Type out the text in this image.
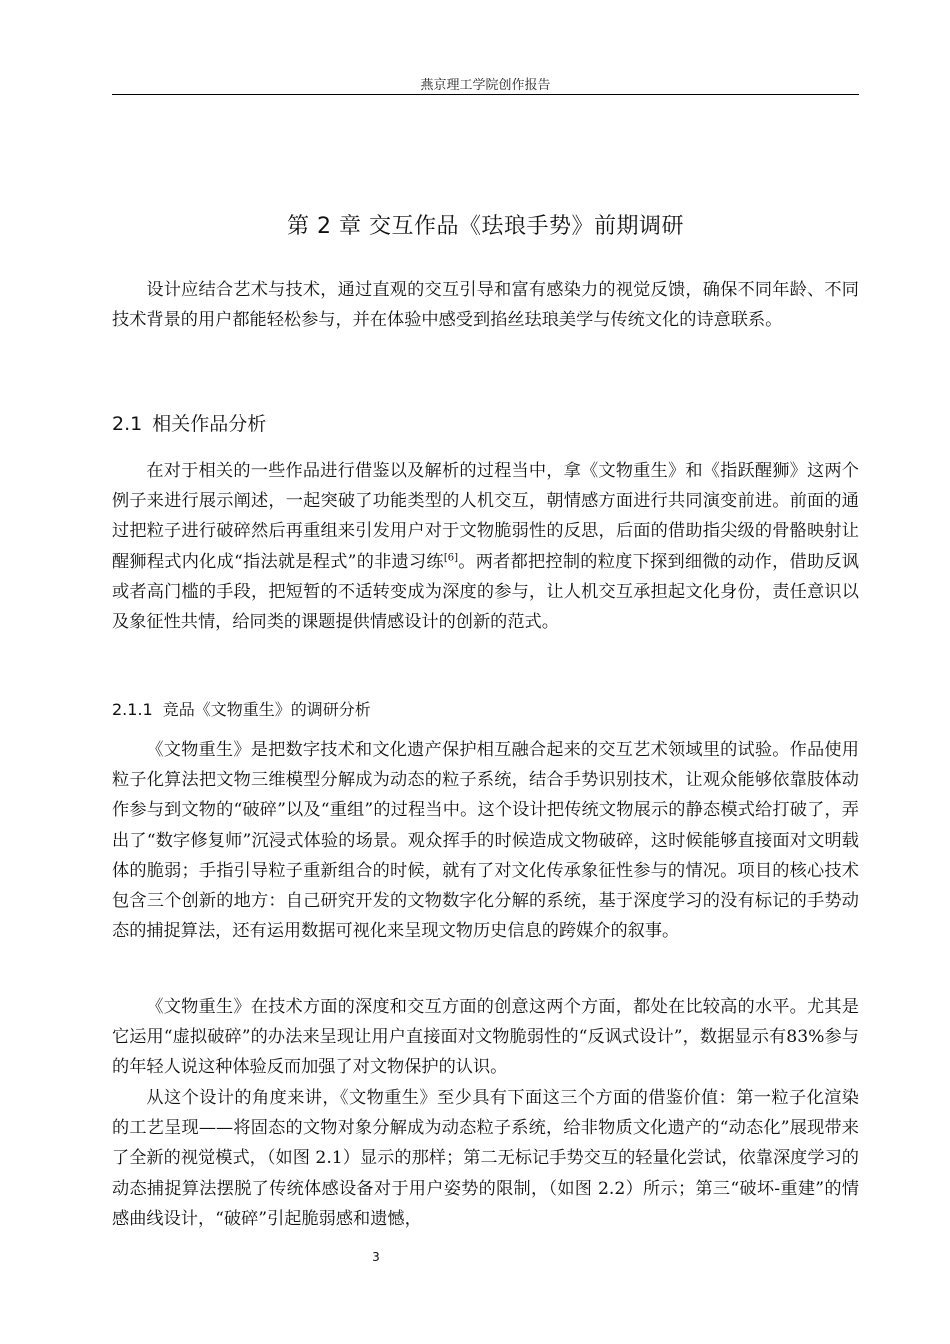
燕京理工学院创作报告
第 2 章 交互作品《珐琅手势》前期调研

设计应结合艺术与技术，通过直观的交互引导和富有感染力的视觉反馈，确保不同年龄、不同技术背景的用户都能轻松参与，并在体验中感受到掐丝珐琅美学与传统文化的诗意联系。

2.1 相关作品分析

在对于相关的一些作品进行借鉴以及解析的过程当中，拿《文物重生》和《指跃醒狮》这两个例子来进行展示阐述，一起突破了功能类型的人机交互，朝情感方面进行共同演变前进。前面的通过把粒子进行破碎然后再重组来引发用户对于文物脆弱性的反思，后面的借助指尖级的骨骼映射让醒狮程式内化成“指法就是程式”的非遗习练[6]。两者都把控制的粒度下探到细微的动作，借助反讽或者高门槛的手段，把短暂的不适转变成为深度的参与，让人机交互承担起文化身份，责任意识以及象征性共情，给同类的课题提供情感设计的创新的范式。

2.1.1 竞品《文物重生》的调研分析

《文物重生》是把数字技术和文化遗产保护相互融合起来的交互艺术领域里的试验。作品使用粒子化算法把文物三维模型分解成为动态的粒子系统，结合手势识别技术，让观众能够依靠肢体动作参与到文物的“破碎”以及“重组”的过程当中。这个设计把传统文物展示的静态模式给打破了，弄出了“数字修复师”沉浸式体验的场景。观众挥手的时候造成文物破碎，这时候能够直接面对文明载体的脆弱；手指引导粒子重新组合的时候，就有了对文化传承象征性参与的情况。项目的核心技术包含三个创新的地方：自己研究开发的文物数字化分解的系统，基于深度学习的没有标记的手势动态的捕捉算法，还有运用数据可视化来呈现文物历史信息的跨媒介的叙事。

《文物重生》在技术方面的深度和交互方面的创意这两个方面，都处在比较高的水平。尤其是它运用“虚拟破碎”的办法来呈现让用户直接面对文物脆弱性的“反讽式设计”，数据显示有83%参与的年轻人说这种体验反而加强了对文物保护的认识。

从这个设计的角度来讲，《文物重生》至少具有下面这三个方面的借鉴价值：第一粒子化渲染的工艺呈现——将固态的文物对象分解成为动态粒子系统，给非物质文化遗产的“动态化”展现带来了全新的视觉模式，（如图 2.1）显示的那样；第二无标记手势交互的轻量化尝试，依靠深度学习的动态捕捉算法摆脱了传统体感设备对于用户姿势的限制，（如图 2.2）所示；第三“破坏-重建”的情感曲线设计，“破碎”引起脆弱感和遗憾，

3
